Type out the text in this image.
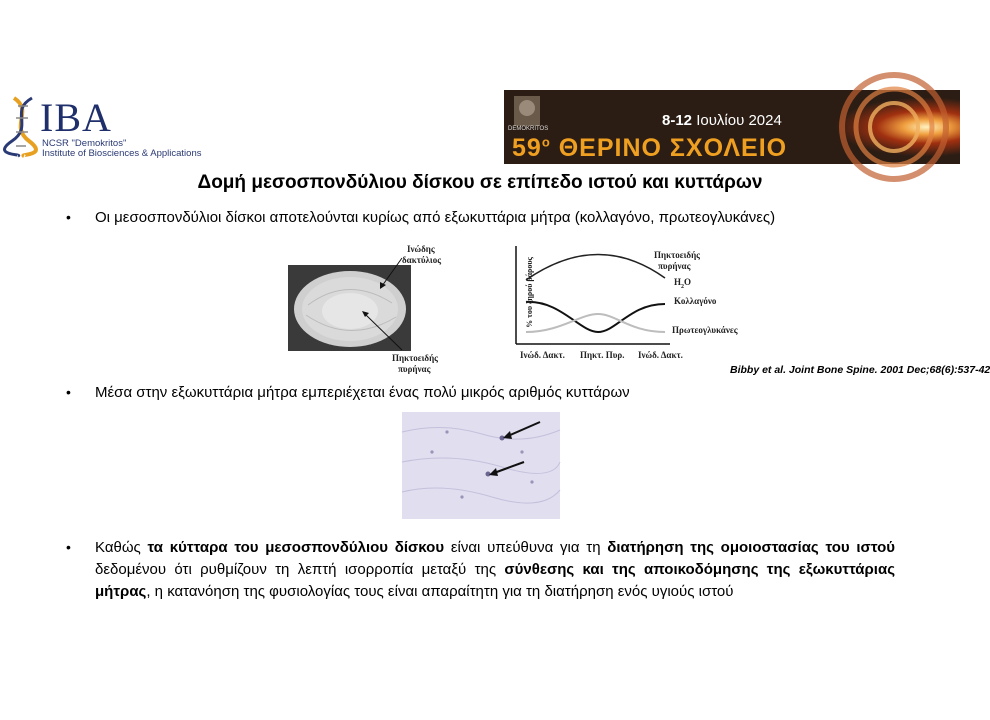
IBA
NCSR "Demokritos"
Institute of Biosciences & Applications
DEMOKRITOS	8-12 Ιουλίου 2024
$59^o$ ΘΕΡΙΝΟ ΣΧΟΛΕΙΟ
Δομή μεσοσπονδύλιου δίσκου σε επίπεδο ιστού και κυττάρων
• Οι μεσοσπονδύλιοι δίσκοι αποτελούνται κυρίως από εξωκυττάρια μήτρα (κολλαγόνο, πρωτεογλυκάνες)
Ινώδης
δακτύλιος
Πηκτοειδής
πυρήνας
% του ξηρού βάρους
Πηκτοειδής
πυρήνας
$H_2O$
Κολλαγόνο
Πρωτεογλυκάνες
Ινώδ. Δακτ. Πηκτ. Πυρ. Ινώδ. Δακτ.
Bibby et al. Joint Bone Spine. 2001 Dec;68(6):537-42
• Μέσα στην εξωκυττάρια μήτρα εμπεριέχεται ένας πολύ μικρός αριθμός κυττάρων
• Καθώς τα κύτταρα του μεσοσπονδύλιου δίσκου είναι υπεύθυνα για τη διατήρηση της ομοιοστασίας του ιστού δεδομένου ότι ρυθμίζουν τη λεπτή ισορροπία μεταξύ της σύνθεσης και της αποικοδόμησης της εξωκυττάριας μήτρας, η κατανόηση της φυσιολογίας τους είναι απαραίτητη για τη διατήρηση ενός υγιούς ιστού
